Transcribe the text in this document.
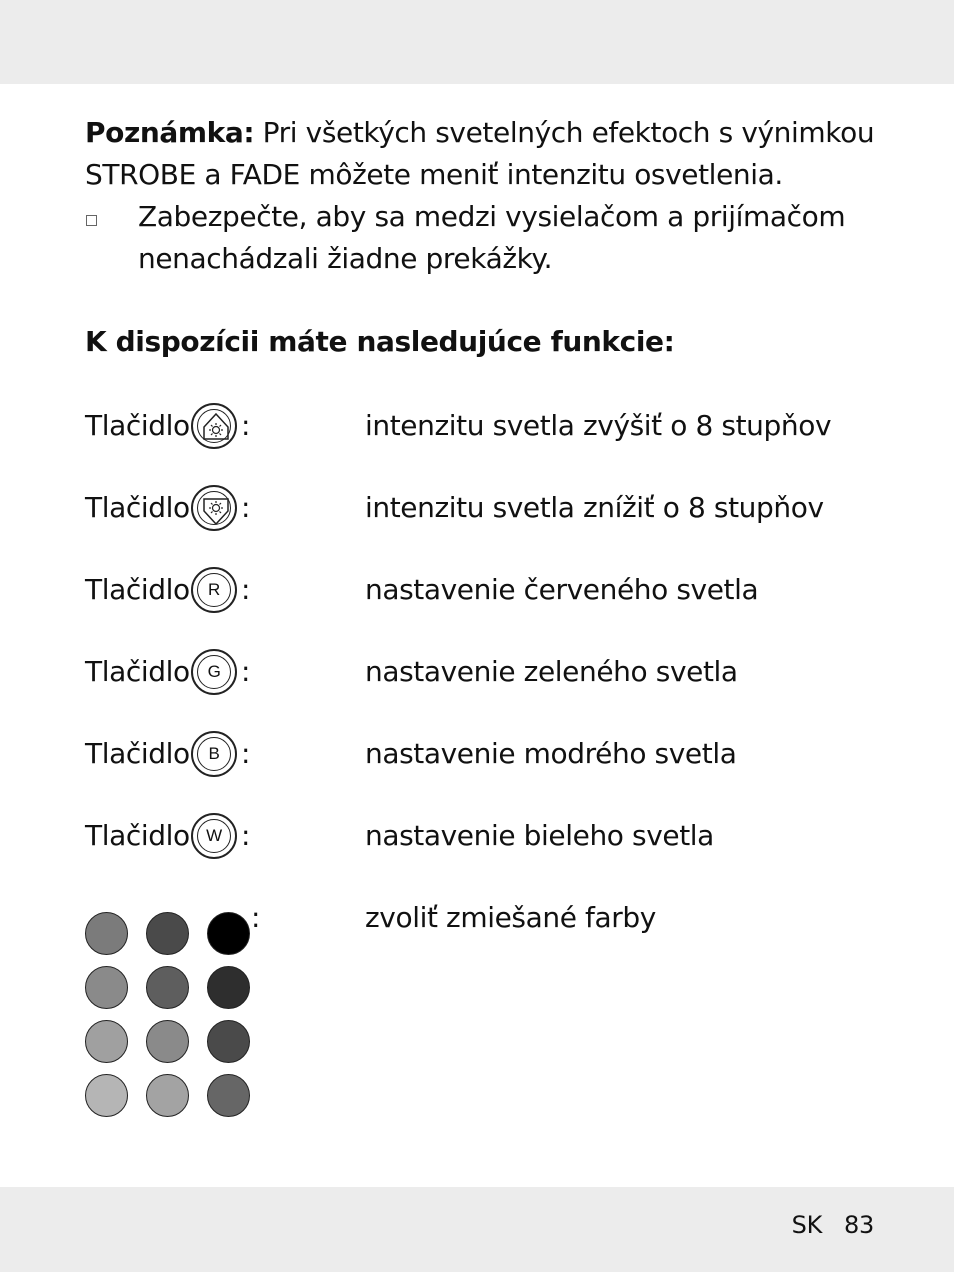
Poznámka: Pri všetkých svetelných efektoch s výnimkou STROBE a FADE môžete meniť intenzitu osvetlenia.
Zabezpečte, aby sa medzi vysielačom a prijímačom
nenachádzali žiadne prekážky.
K dispozícii máte nasledujúce funkcie:
Tlačidlo :	intenzitu svetla zvýšiť o 8 stupňov
Tlačidlo :	intenzitu svetla znížiť o 8 stupňov
Tlačidlo	R :	nastavenie červeného svetla
Tlačidlo	G :	nastavenie zeleného svetla
Tlačidlo	B :	nastavenie modrého svetla
Tlačidlo W :	nastavenie bieleho svetla
:	zvoliť zmiešané farby
SK 83
